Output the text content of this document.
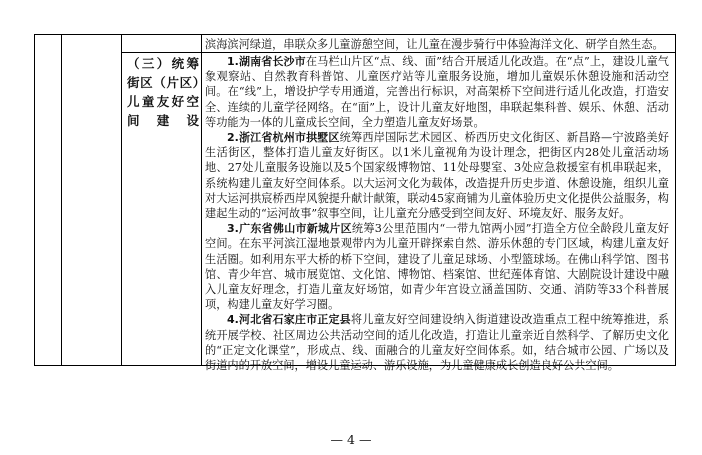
滨海滨河绿道，串联众多儿童游憩空间，让儿童在漫步骑行中体验海洋文化、研学自然生态。
（三）统筹街区（片区）儿童友好空间建设

1.湖南省长沙市在马栏山片区“点、线、面”结合开展适儿化改造。在“点”上，建设儿童气象观察站、自然教育科普馆、儿童医疗站等儿童服务设施，增加儿童娱乐休憩设施和活动空间。在“线”上，增设护学专用通道，完善出行标识，对高架桥下空间进行适儿化改造，打造安全、连续的儿童学径网络。在“面”上，设计儿童友好地图，串联起集科普、娱乐、休憩、活动等功能为一体的儿童成长空间，全力塑造儿童友好场景。

2.浙江省杭州市拱墅区统筹西岸国际艺术园区、桥西历史文化街区、新昌路—宁波路美好生活街区，整体打造儿童友好街区。以1米儿童视角为设计理念，把街区内28处儿童活动场地、27处儿童服务设施以及5个国家级博物馆、11处母婴室、3处应急救援室有机串联起来，系统构建儿童友好空间体系。以大运河文化为载体，改造提升历史步道、休憩设施，组织儿童对大运河拱宸桥西岸风貌提升献计献策，联动45家商铺为儿童体验历史文化提供公益服务，构建起生动的“运河故事”叙事空间，让儿童充分感受到空间友好、环境友好、服务友好。

3.广东省佛山市新城片区统筹3公里范围内“一带九馆两小园”打造全方位全龄段儿童友好空间。在东平河滨江湿地景观带内为儿童开辟探索自然、游乐休憩的专门区域，构建儿童友好生活圈。如利用东平大桥的桥下空间，建设了儿童足球场、小型篮球场。在佛山科学馆、图书馆、青少年宫、城市展览馆、文化馆、博物馆、档案馆、世纪莲体育馆、大剧院设计建设中融入儿童友好理念，打造儿童友好场馆，如青少年宫设立涵盖国防、交通、消防等33个科普展项，构建儿童友好学习圈。

4.河北省石家庄市正定县将儿童友好空间建设纳入街道建设改造重点工程中统筹推进，系统开展学校、社区周边公共活动空间的适儿化改造，打造让儿童亲近自然科学、了解历史文化的“正定文化课堂”，形成点、线、面融合的儿童友好空间体系。如，结合城市公园、广场以及街道内的开放空间，增设儿童运动、游乐设施，为儿童健康成长创造良好公共空间。

— 4 —
